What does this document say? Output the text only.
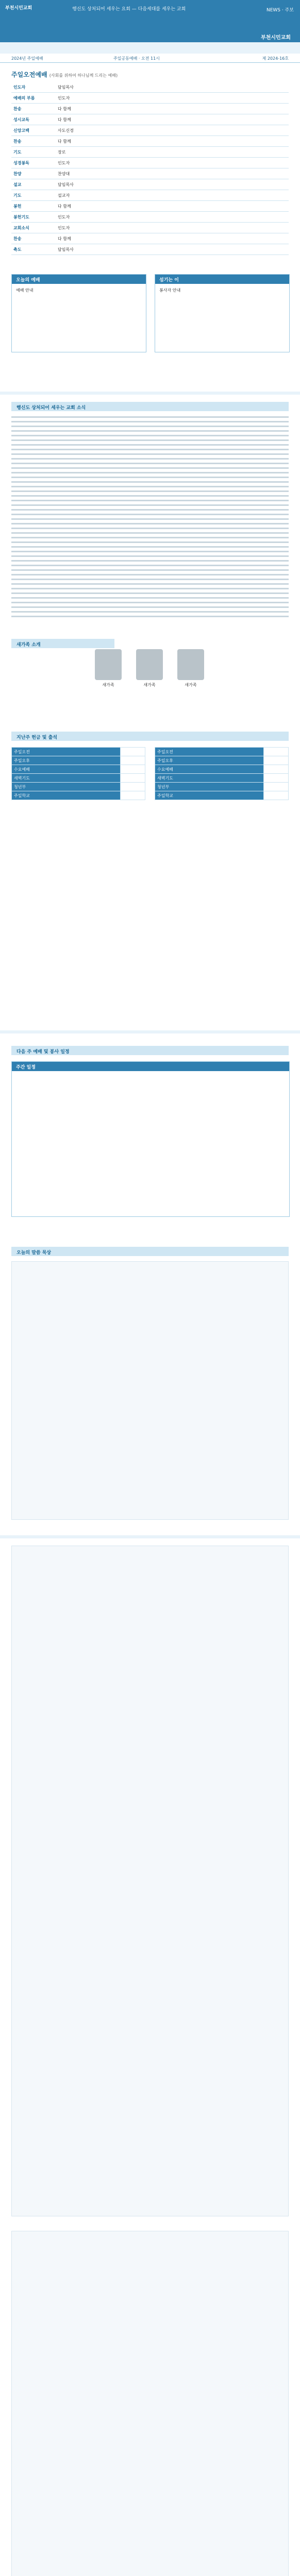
부천시민교회	행신도 상처되어 세우는 요회 — 다음세대를 세우는 교회	NEWS · 주보
부천시민교회
2024년 주일예배	주일공동예배 · 오전 11시	제 2024-16호
주일오전예배 (사회를 위하여 하나님께 드리는 예배)
인도자	담임목사
예배의 부름	인도자
찬송	다 함께
성시교독	다 함께
신앙고백	사도신경
찬송	다 함께
기도	장로
성경봉독	인도자
찬양	찬양대
설교	담임목사
기도	설교자
봉헌	다 함께
봉헌기도	인도자
교회소식	인도자
찬송	다 함께
축도	담임목사
오늘의 예배
예배 안내
섬기는 이
봉사자 안내
행신도 상처되어 세우는 교회 소식
새가족 소개
새가족	새가족	새가족
지난주 헌금 및 출석
주일오전	
주일오후	
수요예배	
새벽기도	
청년부	
주일학교	
주일오전	
주일오후	
수요예배	
새벽기도	
청년부	
주일학교	
다음 주 예배 및 봉사 일정
주간 일정
오늘의 말씀 묵상
